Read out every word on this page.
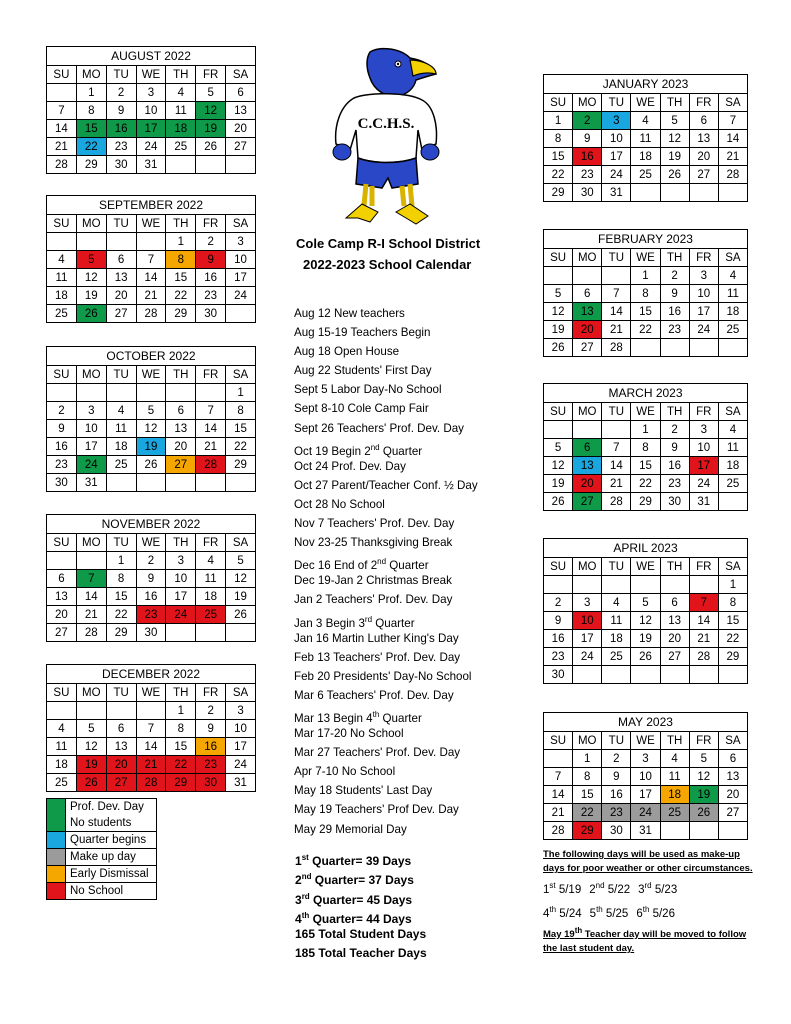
AUGUST 2022						
SU	MO	TU	WE	TH	FR	SA
	1	2	3	4	5	6
7	8	9	10	11	12	13
14	15	16	17	18	19	20
21	22	23	24	25	26	27
28	29	30	31			
SEPTEMBER 2022						
SU	MO	TU	WE	TH	FR	SA
				1	2	3
4	5	6	7	8	9	10
11	12	13	14	15	16	17
18	19	20	21	22	23	24
25	26	27	28	29	30	
OCTOBER 2022						
SU	MO	TU	WE	TH	FR	SA
						1
2	3	4	5	6	7	8
9	10	11	12	13	14	15
16	17	18	19	20	21	22
23	24	25	26	27	28	29
30	31					
NOVEMBER 2022						
SU	MO	TU	WE	TH	FR	SA
		1	2	3	4	5
6	7	8	9	10	11	12
13	14	15	16	17	18	19
20	21	22	23	24	25	26
27	28	29	30			
DECEMBER 2022						
SU	MO	TU	WE	TH	FR	SA
				1	2	3
4	5	6	7	8	9	10
11	12	13	14	15	16	17
18	19	20	21	22	23	24
25	26	27	28	29	30	31
JANUARY 2023						
SU	MO	TU	WE	TH	FR	SA
1	2	3	4	5	6	7
8	9	10	11	12	13	14
15	16	17	18	19	20	21
22	23	24	25	26	27	28
29	30	31				
FEBRUARY 2023						
SU	MO	TU	WE	TH	FR	SA
			1	2	3	4
5	6	7	8	9	10	11
12	13	14	15	16	17	18
19	20	21	22	23	24	25
26	27	28				
MARCH 2023						
SU	MO	TU	WE	TH	FR	SA
			1	2	3	4
5	6	7	8	9	10	11
12	13	14	15	16	17	18
19	20	21	22	23	24	25
26	27	28	29	30	31	
APRIL 2023						
SU	MO	TU	WE	TH	FR	SA
						1
2	3	4	5	6	7	8
9	10	11	12	13	14	15
16	17	18	19	20	21	22
23	24	25	26	27	28	29
30						
MAY 2023						
SU	MO	TU	WE	TH	FR	SA
	1	2	3	4	5	6
7	8	9	10	11	12	13
14	15	16	17	18	19	20
21	22	23	24	25	26	27
28	29	30	31			
C.C.H.S.
Cole Camp R-I School District
2022-2023 School Calendar
Aug 12 New teachers
Aug 15-19 Teachers Begin
Aug 18 Open House
Aug 22 Students' First Day
Sept 5 Labor Day-No School
Sept 8-10 Cole Camp Fair
Sept 26 Teachers' Prof. Dev. Day
Oct 19 Begin 2nd Quarter
Oct 24 Prof. Dev. Day
Oct 27 Parent/Teacher Conf. ½ Day
Oct 28 No School
Nov 7 Teachers' Prof. Dev. Day
Nov 23-25 Thanksgiving Break
Dec 16 End of 2nd Quarter
Dec 19-Jan 2 Christmas Break
Jan 2 Teachers' Prof. Dev. Day
Jan 3 Begin 3rd Quarter
Jan 16 Martin Luther King's Day
Feb 13 Teachers' Prof. Dev. Day
Feb 20 Presidents' Day-No School
Mar 6 Teachers' Prof. Dev. Day
Mar 13 Begin 4th Quarter
Mar 17-20 No School
Mar 27 Teachers' Prof. Dev. Day
Apr 7-10 No School
May 18 Students' Last Day
May 19 Teachers' Prof Dev. Day
May 29 Memorial Day
1st Quarter= 39 Days
2nd Quarter= 37 Days
3rd Quarter= 45 Days
4th Quarter= 44 Days
165 Total Student Days
185 Total Teacher Days
	Prof. Dev. Day
No students
	Quarter begins
	Make up day
	Early Dismissal
	No School
The following days will be used as make-up days for poor weather or other circumstances.
1st 5/19 2nd 5/22 3rd 5/23
4th 5/24 5th 5/25 6th 5/26
May 19th Teacher day will be moved to follow the last student day.
